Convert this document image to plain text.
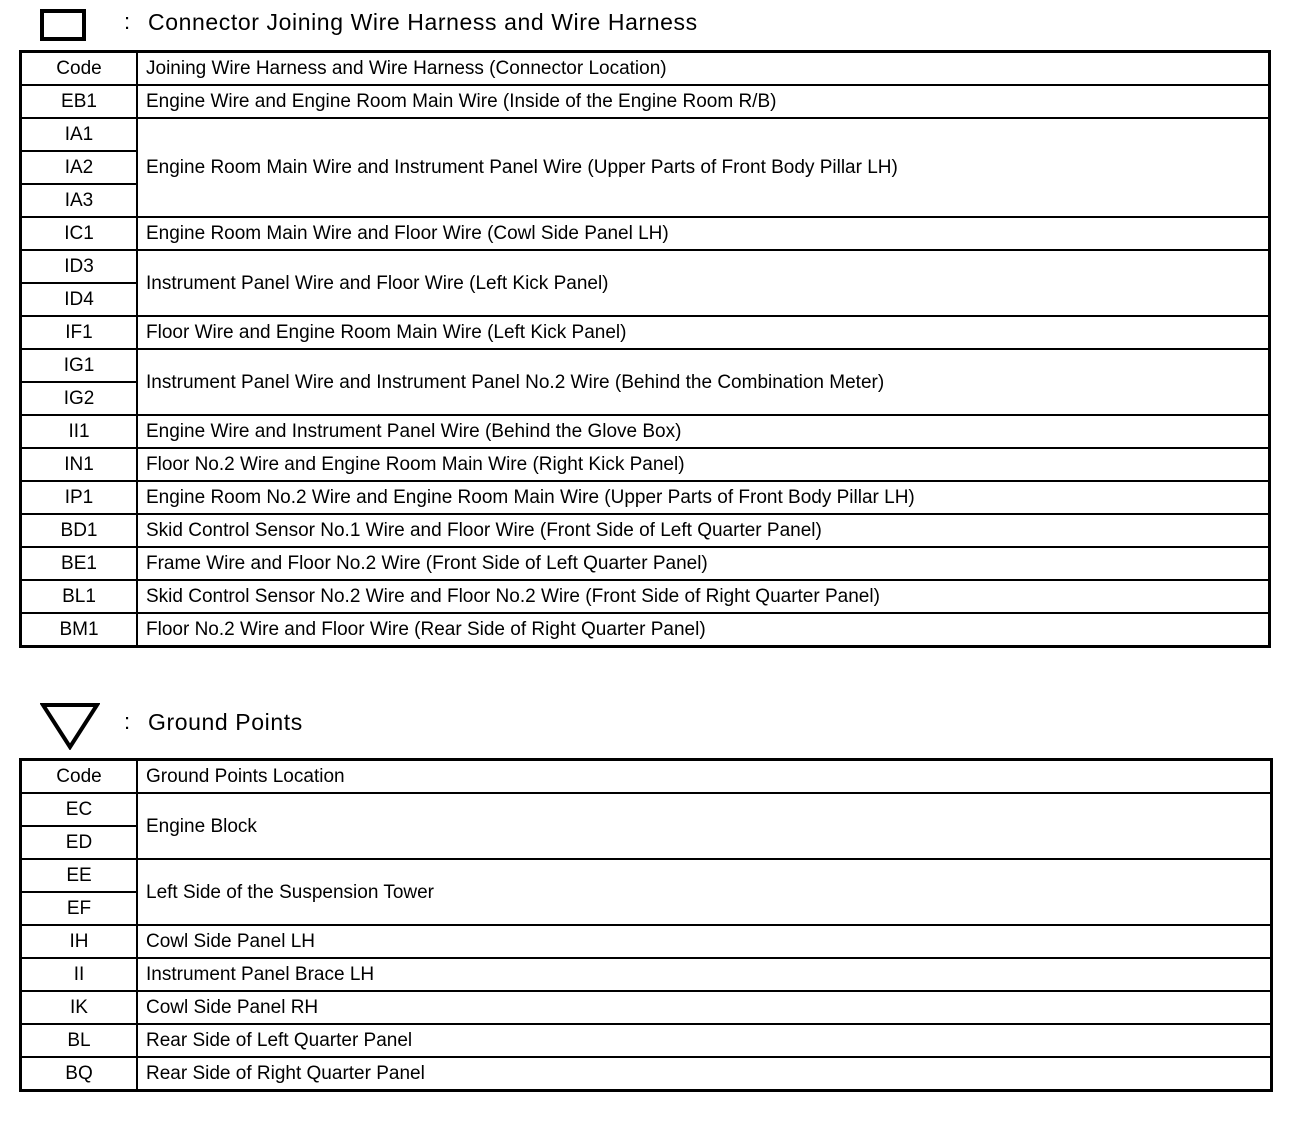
: Connector Joining Wire Harness and Wire Harness
Code	Joining Wire Harness and Wire Harness (Connector Location)
EB1	Engine Wire and Engine Room Main Wire (Inside of the Engine Room R/B)
IA1	Engine Room Main Wire and Instrument Panel Wire (Upper Parts of Front Body Pillar LH)
IA2	
IA3	
IC1	Engine Room Main Wire and Floor Wire (Cowl Side Panel LH)
ID3	Instrument Panel Wire and Floor Wire (Left Kick Panel)
ID4	
IF1	Floor Wire and Engine Room Main Wire (Left Kick Panel)
IG1	Instrument Panel Wire and Instrument Panel No.2 Wire (Behind the Combination Meter)
IG2	
II1	Engine Wire and Instrument Panel Wire (Behind the Glove Box)
IN1	Floor No.2 Wire and Engine Room Main Wire (Right Kick Panel)
IP1	Engine Room No.2 Wire and Engine Room Main Wire (Upper Parts of Front Body Pillar LH)
BD1	Skid Control Sensor No.1 Wire and Floor Wire (Front Side of Left Quarter Panel)
BE1	Frame Wire and Floor No.2 Wire (Front Side of Left Quarter Panel)
BL1	Skid Control Sensor No.2 Wire and Floor No.2 Wire (Front Side of Right Quarter Panel)
BM1	Floor No.2 Wire and Floor Wire (Rear Side of Right Quarter Panel)
: Ground Points
Code	Ground Points Location
EC	Engine Block
ED	
EE	Left Side of the Suspension Tower
EF	
IH	Cowl Side Panel LH
II	Instrument Panel Brace LH
IK	Cowl Side Panel RH
BL	Rear Side of Left Quarter Panel
BQ	Rear Side of Right Quarter Panel
